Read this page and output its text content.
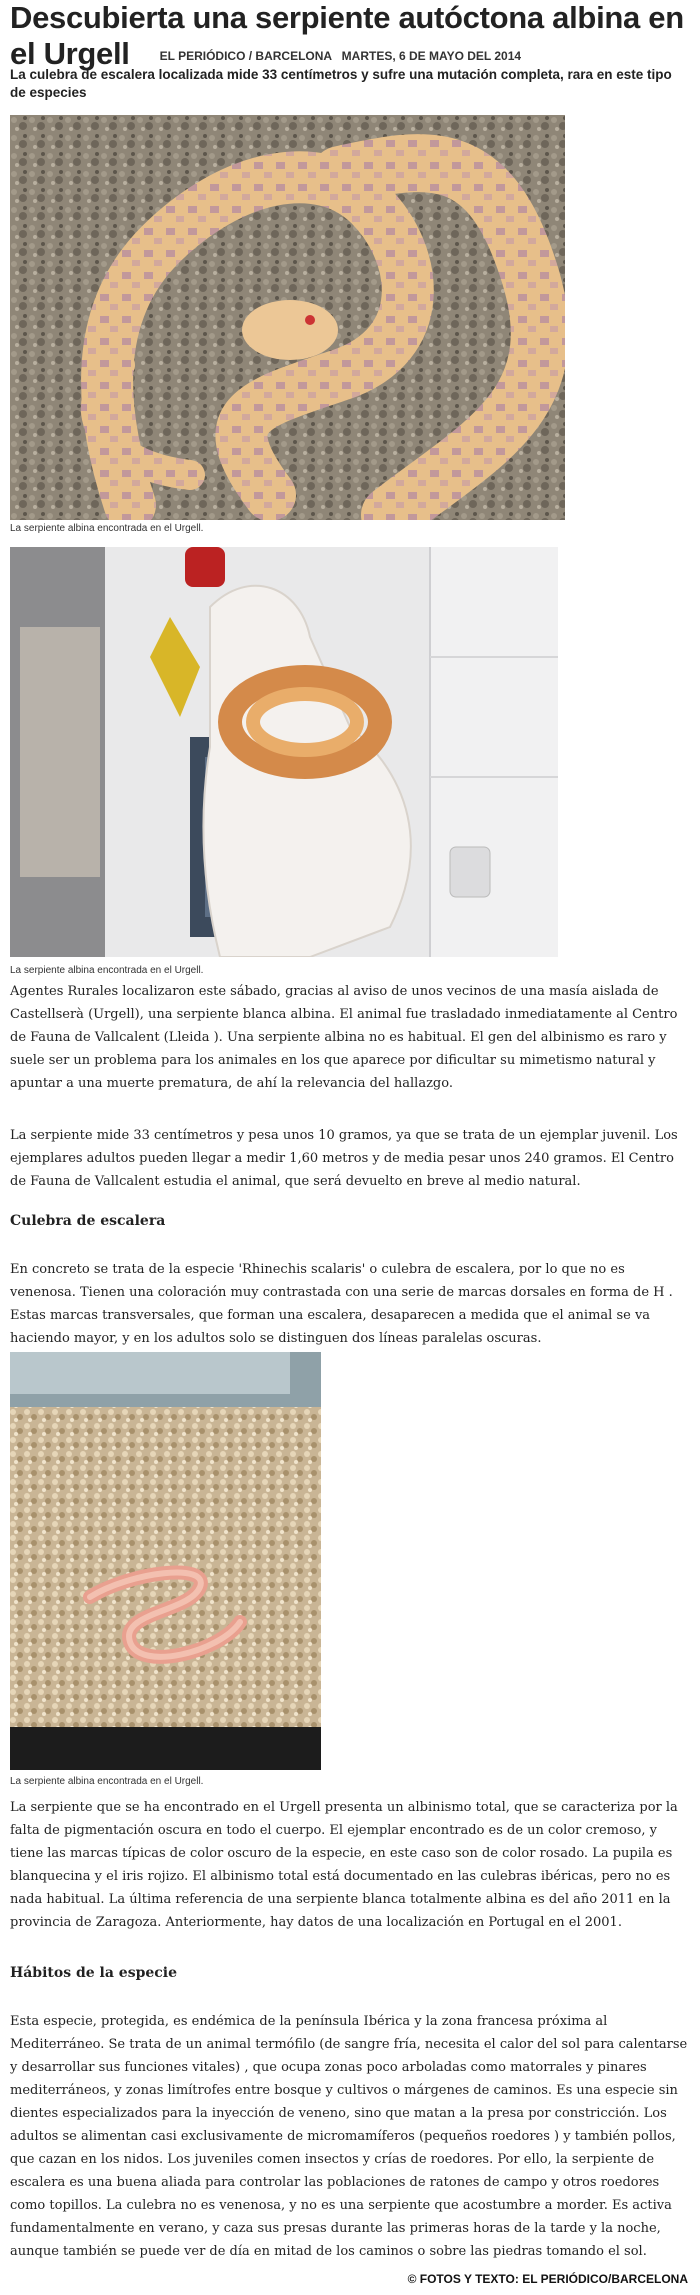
Descubierta una serpiente autóctona albina en el Urgell	EL PERIÓDICO / BARCELONA MARTES, 6 DE MAYO DEL 2014
La culebra de escalera localizada mide 33 centímetros y sufre una mutación completa, rara en este tipo de especies
La serpiente albina encontrada en el Urgell.
La serpiente albina encontrada en el Urgell.
Agentes Rurales localizaron este sábado, gracias al aviso de unos vecinos de una masía aislada de Castellserà (Urgell), una serpiente blanca albina. El animal fue trasladado inmediatamente al Centro de Fauna de Vallcalent (Lleida ). Una serpiente albina no es habitual. El gen del albinismo es raro y suele ser un problema para los animales en los que aparece por dificultar su mimetismo natural y apuntar a una muerte prematura, de ahí la relevancia del hallazgo.
La serpiente mide 33 centímetros y pesa unos 10 gramos, ya que se trata de un ejemplar juvenil. Los ejemplares adultos pueden llegar a medir 1,60 metros y de media pesar unos 240 gramos. El Centro de Fauna de Vallcalent estudia el animal, que será devuelto en breve al medio natural.
Culebra de escalera
En concreto se trata de la especie 'Rhinechis scalaris' o culebra de escalera, por lo que no es venenosa. Tienen una coloración muy contrastada con una serie de marcas dorsales en forma de H . Estas marcas transversales, que forman una escalera, desaparecen a medida que el animal se va haciendo mayor, y en los adultos solo se distinguen dos líneas paralelas oscuras.
La serpiente albina encontrada en el Urgell.
La serpiente que se ha encontrado en el Urgell presenta un albinismo total, que se caracteriza por la falta de pigmentación oscura en todo el cuerpo. El ejemplar encontrado es de un color cremoso, y tiene las marcas típicas de color oscuro de la especie, en este caso son de color rosado. La pupila es blanquecina y el iris rojizo. El albinismo total está documentado en las culebras ibéricas, pero no es nada habitual. La última referencia de una serpiente blanca totalmente albina es del año 2011 en la provincia de Zaragoza. Anteriormente, hay datos de una localización en Portugal en el 2001.
Hábitos de la especie
Esta especie, protegida, es endémica de la península Ibérica y la zona francesa próxima al Mediterráneo. Se trata de un animal termófilo (de sangre fría, necesita el calor del sol para calentarse y desarrollar sus funciones vitales) , que ocupa zonas poco arboladas como matorrales y pinares mediterráneos, y zonas limítrofes entre bosque y cultivos o márgenes de caminos. Es una especie sin dientes especializados para la inyección de veneno, sino que matan a la presa por constricción. Los adultos se alimentan casi exclusivamente de micromamíferos (pequeños roedores ) y también pollos, que cazan en los nidos. Los juveniles comen insectos y crías de roedores. Por ello, la serpiente de escalera es una buena aliada para controlar las poblaciones de ratones de campo y otros roedores como topillos. La culebra no es venenosa, y no es una serpiente que acostumbre a morder. Es activa fundamentalmente en verano, y caza sus presas durante las primeras horas de la tarde y la noche, aunque también se puede ver de día en mitad de los caminos o sobre las piedras tomando el sol.
© FOTOS Y TEXTO: EL PERIÓDICO/BARCELONA
